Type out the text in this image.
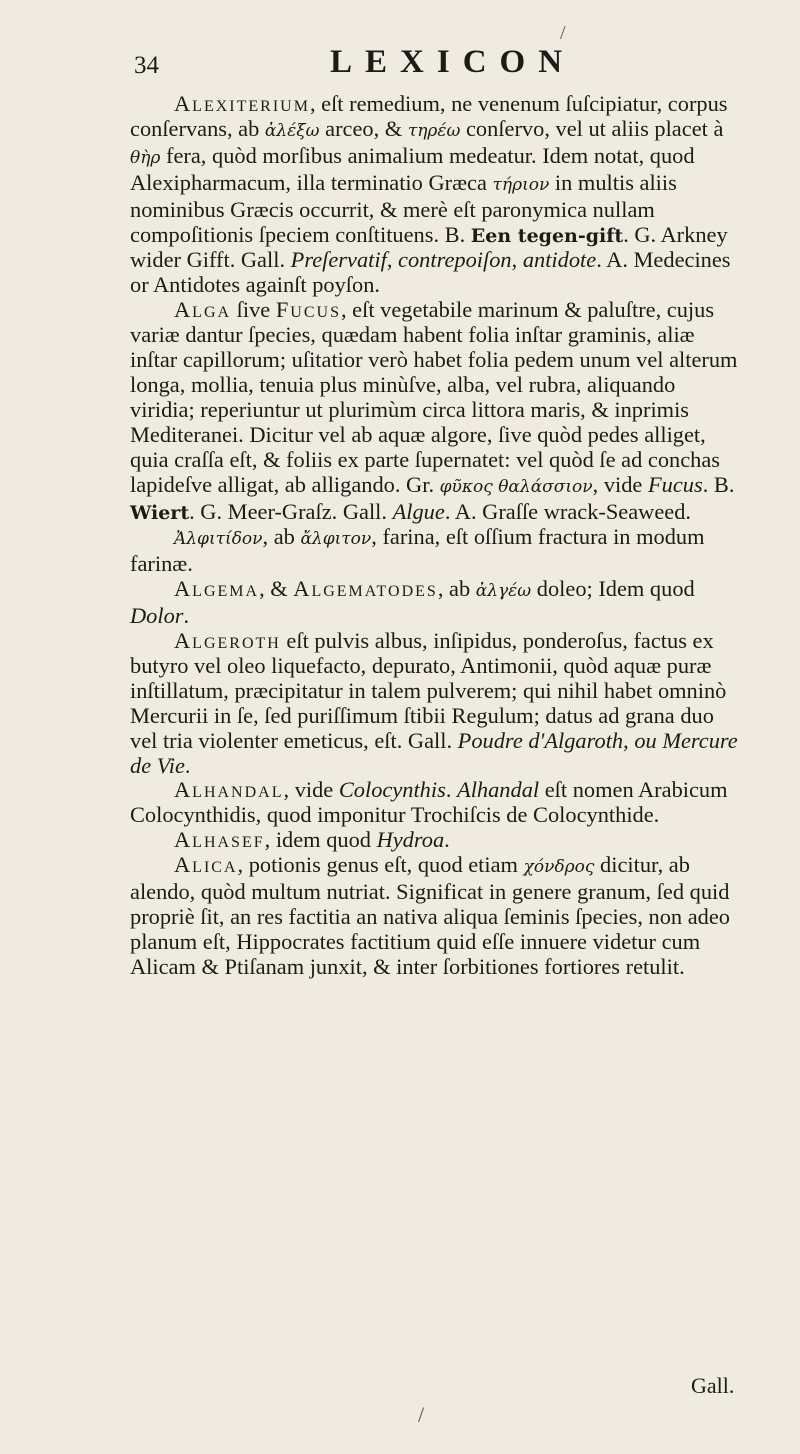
/
34	LEXICON

Alexiterium, eſt remedium, ne venenum ſuſcipiatur, corpus conſervans, ab ἀλέξω arceo, & τηρέω conſervo, vel ut aliis placet à θὴρ fera, quòd morſibus animalium medeatur. Idem notat, quod Alexipharmacum, illa terminatio Græca τήριον in multis aliis nominibus Græcis occurrit, & merè eſt paronymica nullam compoſitionis ſpeciem conſtituens. B. Een tegen-gift. G. Arkney wider Gifft. Gall. Preſervatif, contrepoiſon, antidote. A. Medecines or Antidotes againſt poyſon.

Alga ſive Fucus, eſt vegetabile marinum & paluſtre, cujus variæ dantur ſpecies, quædam habent folia inſtar graminis, aliæ inſtar capillorum; uſitatior verò habet folia pedem unum vel alterum longa, mollia, tenuia plus minùſve, alba, vel rubra, aliquando viridia; reperiuntur ut plurimùm circa littora maris, & inprimis Mediteranei. Dicitur vel ab aquæ algore, ſive quòd pedes alliget, quia craſſa eſt, & foliis ex parte ſupernatet: vel quòd ſe ad conchas lapideſve alligat, ab alligando. Gr. φῦκος θαλάσσιον, vide Fucus. B. Wiert. G. Meer-Graſz. Gall. Algue. A. Graſſe wrack-Seaweed.

Ἀλφιτίδον, ab ἄλφιτον, farina, eſt oſſium fractura in modum farinæ.

Algema, & Algematodes, ab ἀλγέω doleo; Idem quod Dolor.

Algeroth eſt pulvis albus, inſipidus, ponderoſus, factus ex butyro vel oleo liquefacto, depurato, Antimonii, quòd aquæ puræ inſtillatum, præcipitatur in talem pulverem; qui nihil habet omninò Mercurii in ſe, ſed puriſſimum ſtibii Regulum; datus ad grana duo vel tria violenter emeticus, eſt. Gall. Poudre d'Algaroth, ou Mercure de Vie.

Alhandal, vide Colocynthis. Alhandal eſt nomen Arabicum Colocynthidis, quod imponitur Trochiſcis de Colocynthide.

Alhasef, idem quod Hydroa.

Alica, potionis genus eſt, quod etiam χόνδρος dicitur, ab alendo, quòd multum nutriat. Significat in genere granum, ſed quid propriè ſit, an res factitia an nativa aliqua ſeminis ſpecies, non adeo planum eſt, Hippocrates factitium quid eſſe innuere videtur cum Alicam & Ptiſanam junxit, & inter ſorbitiones fortiores retulit.

Gall.
/
